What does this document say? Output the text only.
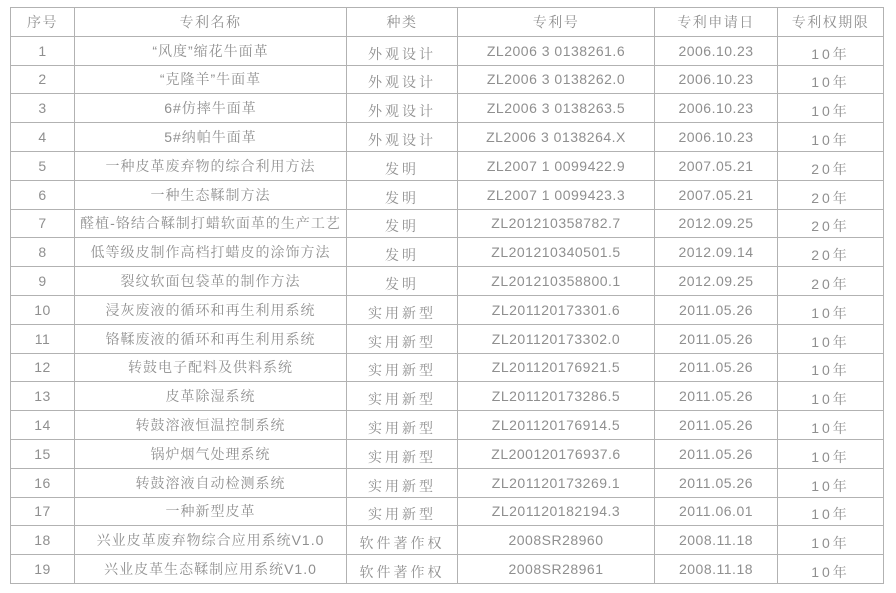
序号	专利名称	种类	专利号	专利申请日	专利权期限
1	“风度”缩花牛面革	外观设计	ZL2006 3 0138261.6	2006.10.23	10年
2	“克隆羊”牛面革	外观设计	ZL2006 3 0138262.0	2006.10.23	10年
3	6#仿摔牛面革	外观设计	ZL2006 3 0138263.5	2006.10.23	10年
4	5#纳帕牛面革	外观设计	ZL2006 3 0138264.X	2006.10.23	10年
5	一种皮革废弃物的综合利用方法	发明	ZL2007 1 0099422.9	2007.05.21	20年
6	一种生态鞣制方法	发明	ZL2007 1 0099423.3	2007.05.21	20年
7	醛植-铬结合鞣制打蜡软面革的生产工艺	发明	ZL201210358782.7	2012.09.25	20年
8	低等级皮制作高档打蜡皮的涂饰方法	发明	ZL201210340501.5	2012.09.14	20年
9	裂纹软面包袋革的制作方法	发明	ZL201210358800.1	2012.09.25	20年
10	浸灰废液的循环和再生利用系统	实用新型	ZL201120173301.6	2011.05.26	10年
11	铬鞣废液的循环和再生利用系统	实用新型	ZL201120173302.0	2011.05.26	10年
12	转鼓电子配料及供料系统	实用新型	ZL201120176921.5	2011.05.26	10年
13	皮革除湿系统	实用新型	ZL201120173286.5	2011.05.26	10年
14	转鼓溶液恒温控制系统	实用新型	ZL201120176914.5	2011.05.26	10年
15	锅炉烟气处理系统	实用新型	ZL200120176937.6	2011.05.26	10年
16	转鼓溶液自动检测系统	实用新型	ZL201120173269.1	2011.05.26	10年
17	一种新型皮革	实用新型	ZL201120182194.3	2011.06.01	10年
18	兴业皮革废弃物综合应用系统V1.0	软件著作权	2008SR28960	2008.11.18	10年
19	兴业皮革生态鞣制应用系统V1.0	软件著作权	2008SR28961	2008.11.18	10年
